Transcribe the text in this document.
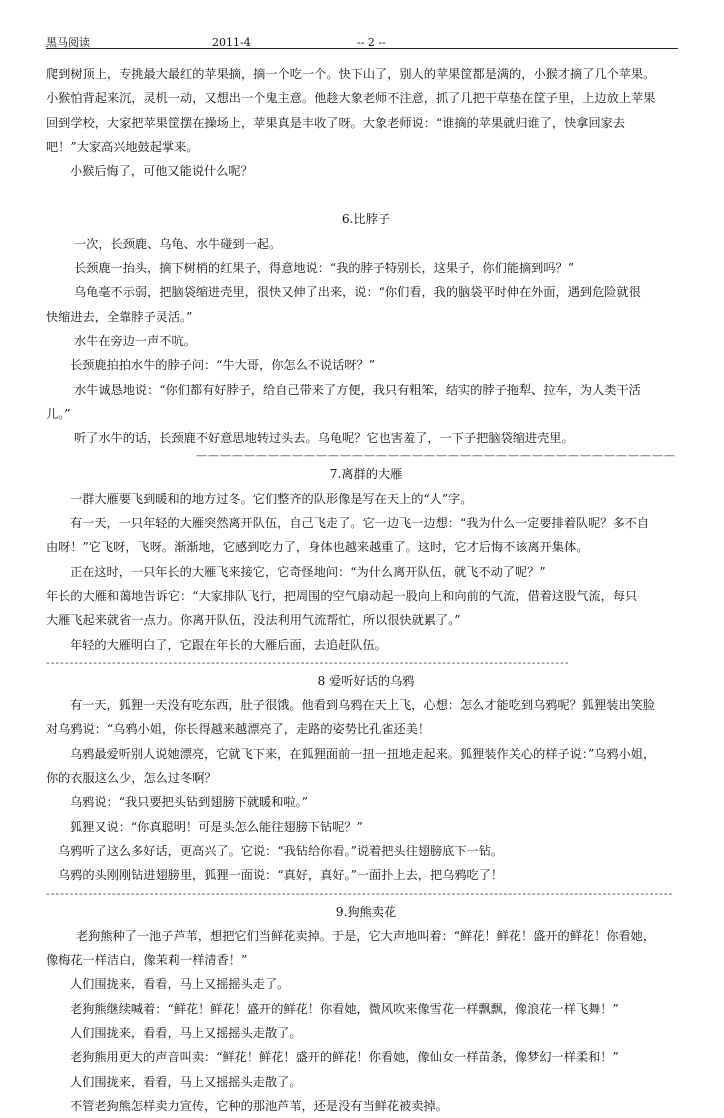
黑马阅读	2011-4	-- 2 --

爬到树顶上，专挑最大最红的苹果摘，摘一个吃一个。快下山了，别人的苹果筐都是满的，小猴才摘了几个苹果。

小猴怕背起来沉，灵机一动，又想出一个鬼主意。他趁大象老师不注意，抓了几把干草垫在筐子里，上边放上苹果

回到学校，大家把苹果筐摆在操场上，苹果真是丰收了呀。大象老师说：“谁摘的苹果就归谁了，快拿回家去

吧！”大家高兴地鼓起掌来。

小猴后悔了，可他又能说什么呢？

6.比脖子

一次，长颈鹿、乌龟、水牛碰到一起。

长颈鹿一抬头，摘下树梢的红果子，得意地说：“我的脖子特别长，这果子，你们能摘到吗？”

乌龟毫不示弱，把脑袋缩进壳里，很快又伸了出来，说：“你们看，我的脑袋平时伸在外面，遇到危险就很

快缩进去，全靠脖子灵活。”

水牛在旁边一声不吭。

长颈鹿拍拍水牛的脖子问：“牛大哥，你怎么不说话呀？”

水牛诚恳地说：“你们都有好脖子，给自己带来了方便，我只有粗笨，结实的脖子拖犁、拉车，为人类干活

儿。”

听了水牛的话，长颈鹿不好意思地转过头去。乌龟呢？它也害羞了，一下子把脑袋缩进壳里。

————————————————————————————————————————

7.离群的大雁

一群大雁要飞到暖和的地方过冬。它们整齐的队形像是写在天上的“人”字。

有一天，一只年轻的大雁突然离开队伍，自己飞走了。它一边飞一边想：“我为什么一定要排着队呢？多不自

由呀！”它飞呀，飞呀。渐渐地，它感到吃力了，身体也越来越重了。这时，它才后悔不该离开集体。

正在这时，一只年长的大雁飞来接它，它奇怪地问：“为什么离开队伍，就飞不动了呢？”

年长的大雁和蔼地告诉它：“大家排队飞行，把周围的空气扇动起一股向上和向前的气流，借着这股气流，每只

大雁飞起来就省一点力。你离开队伍，没法利用气流帮忙，所以很快就累了。”

年轻的大雁明白了，它跟在年长的大雁后面，去追赶队伍。

---------------------------------------------------------------------------------------------------------------

8 爱听好话的乌鸦

有一天，狐狸一天没有吃东西，肚子很饿。他看到乌鸦在天上飞，心想：怎么才能吃到乌鸦呢？狐狸装出笑脸

对乌鸦说：“乌鸦小姐，你长得越来越漂亮了，走路的姿势比孔雀还美！

乌鸦最爱听别人说她漂亮，它就飞下来，在狐狸面前一扭一扭地走起来。狐狸装作关心的样子说：”乌鸦小姐，

你的衣服这么少，怎么过冬啊？

乌鸦说：“我只要把头钻到翅膀下就暖和啦。”

狐狸又说：“你真聪明！可是头怎么能往翅膀下钻呢？”

乌鸦听了这么多好话，更高兴了。它说：“我钻给你看。”说着把头往翅膀底下一钻。

乌鸦的头刚刚钻进翅膀里，狐狸一面说：“真好，真好。”一面扑上去，把乌鸦吃了！

-------------------------------------------------------------------------------------------------------------------------------------

9.狗熊卖花

老狗熊种了一池子芦苇，想把它们当鲜花卖掉。于是，它大声地叫着：“鲜花！鲜花！盛开的鲜花！你看她，

像梅花一样洁白，像茉莉一样清香！”

人们围拢来，看看，马上又摇摇头走了。

老狗熊继续喊着：“鲜花！鲜花！盛开的鲜花！你看她，微风吹来像雪花一样飘飘，像浪花一样飞舞！”

人们围拢来，看看，马上又摇摇头走散了。

老狗熊用更大的声音叫卖：“鲜花！鲜花！盛开的鲜花！你看她，像仙女一样苗条，像梦幻一样柔和！”

人们围拢来，看看，马上又摇摇头走散了。

不管老狗熊怎样卖力宣传，它种的那池芦苇，还是没有当鲜花被卖掉。
